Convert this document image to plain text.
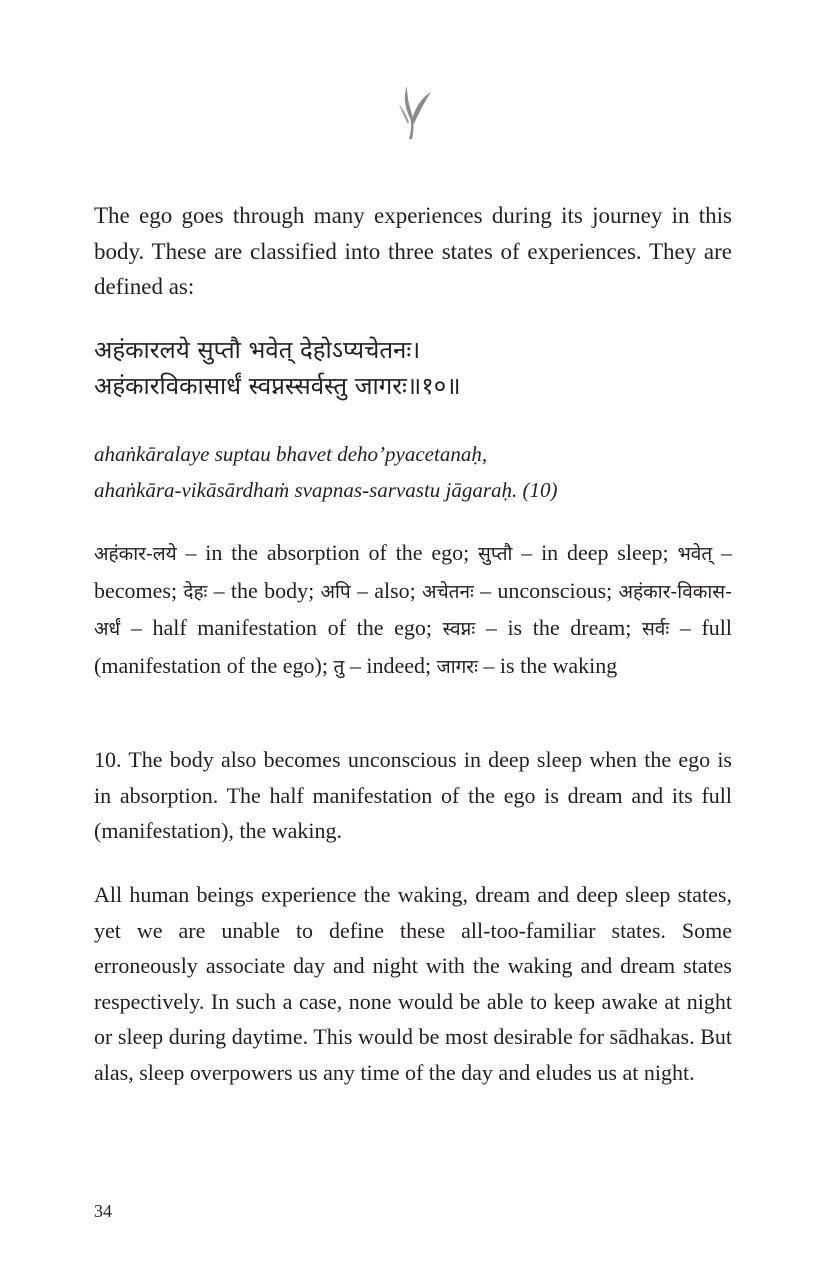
The ego goes through many experiences during its journey in this body. These are classified into three states of experiences. They are defined as:

अहंकारलये सुप्तौ भवेत् देहोऽप्यचेतनः।
अहंकारविकासार्धं स्वप्नस्सर्वस्तु जागरः॥१०॥
ahaṅkāralaye suptau bhavet deho’pyacetanaḥ,
ahaṅkāra-vikāsārdhaṁ svapnas-sarvastu jāgaraḥ. (10)

अहंकार-लये – in the absorption of the ego; सुप्तौ – in deep sleep; भवेत् – becomes; देहः – the body; अपि – also; अचेतनः – unconscious; अहंकार-विकास-अर्धं – half manifestation of the ego; स्वप्नः – is the dream; सर्वः – full (manifestation of the ego); तु – indeed; जागरः – is the waking

10. The body also becomes unconscious in deep sleep when the ego is in absorption. The half manifestation of the ego is dream and its full (manifestation), the waking.

All human beings experience the waking, dream and deep sleep states, yet we are unable to define these all-too-familiar states. Some erroneously associate day and night with the waking and dream states respectively. In such a case, none would be able to keep awake at night or sleep during daytime. This would be most desirable for sādhakas. But alas, sleep overpowers us any time of the day and eludes us at night.

34
